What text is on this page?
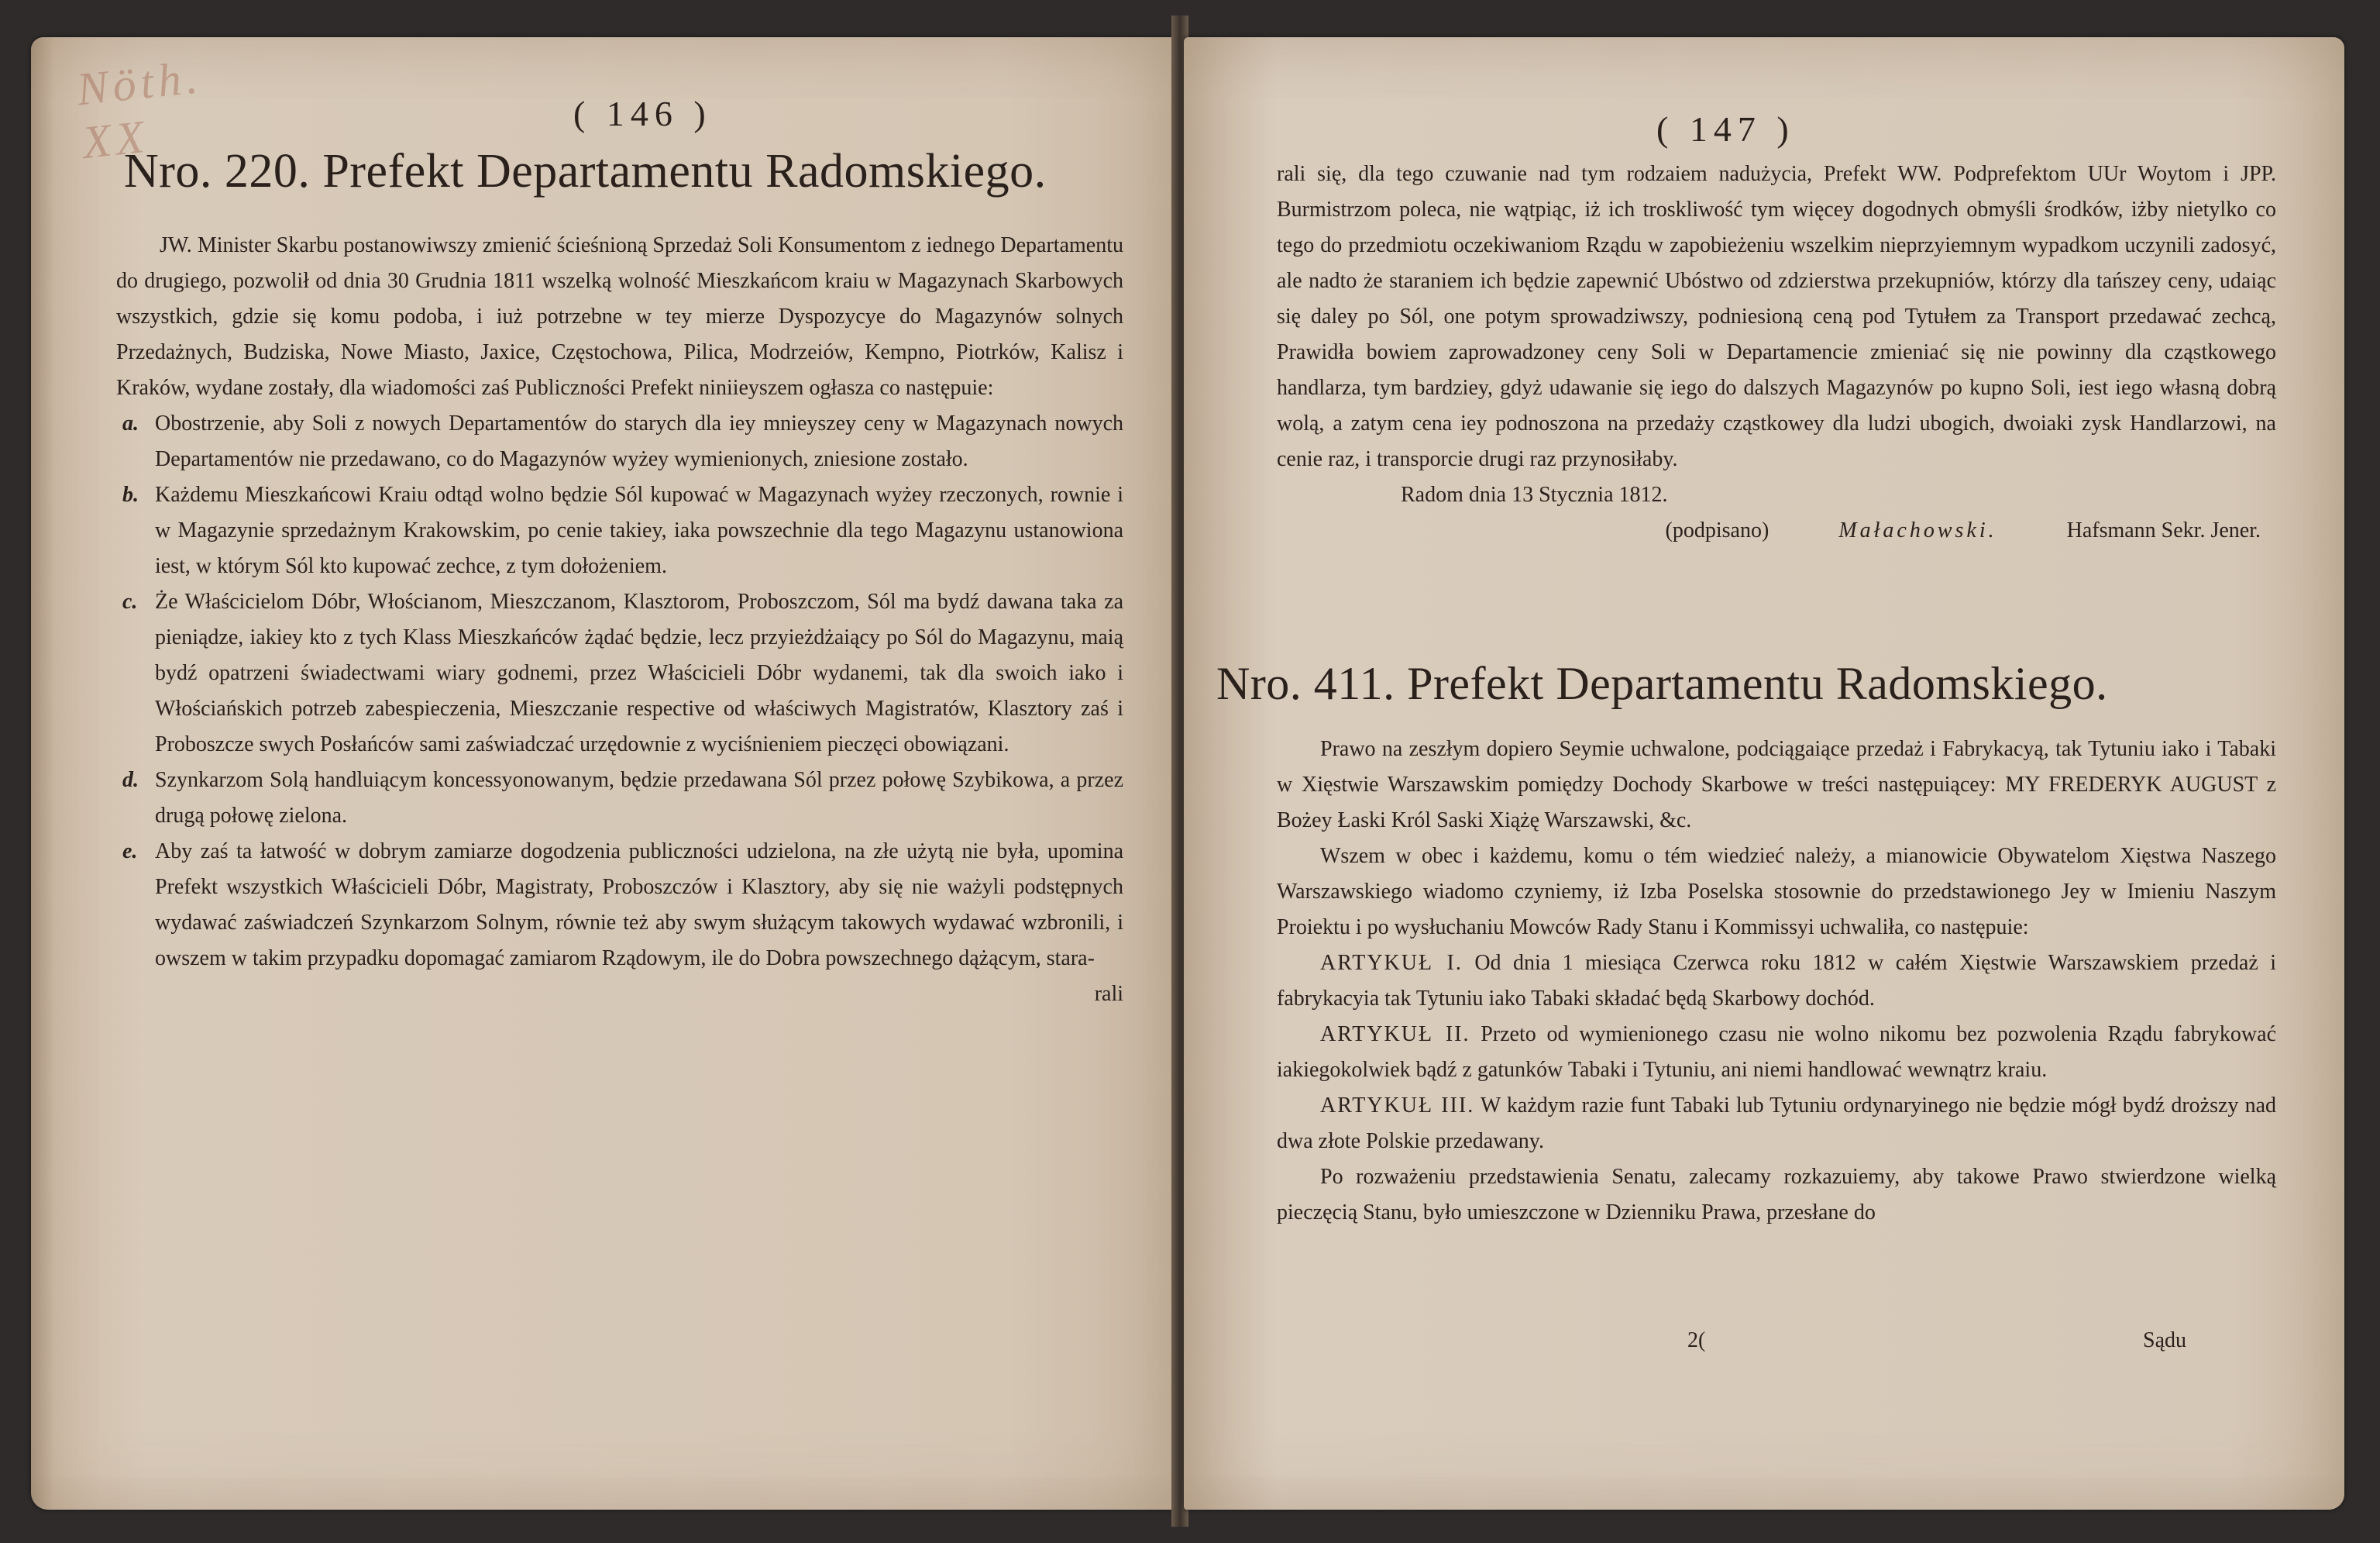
Nöth. XX	( 146 )
Nro. 220. Prefekt Departamentu Radomskiego.

JW. Minister Skarbu postanowiwszy zmienić ścieśnioną Sprzedaż Soli Konsumentom z iednego Departamentu do drugiego, pozwolił od dnia 30 Grudnia 1811 wszelką wolność Mieszkańcom kraiu w Magazynach Skarbowych wszystkich, gdzie się komu podoba, i iuż potrzebne w tey mierze Dyspozycye do Magazynów solnych Przedażnych, Budziska, Nowe Miasto, Jaxice, Częstochowa, Pilica, Modrzeiów, Kempno, Piotrków, Kalisz i Kraków, wydane zostały, dla wiadomości zaś Publiczności Prefekt niniieyszem ogłasza co następuie:

a. Obostrzenie, aby Soli z nowych Departamentów do starych dla iey mnieyszey ceny w Magazynach nowych Departamentów nie przedawano, co do Magazynów wyżey wymienionych, zniesione zostało.
b. Każdemu Mieszkańcowi Kraiu odtąd wolno będzie Sól kupować w Magazynach wyżey rzeczonych, rownie i w Magazynie sprzedażnym Krakowskim, po cenie takiey, iaka powszechnie dla tego Magazynu ustanowiona iest, w którym Sól kto kupować zechce, z tym dołożeniem.
c. Że Właścicielom Dóbr, Włościanom, Mieszczanom, Klasztorom, Proboszczom, Sól ma bydź dawana taka za pieniądze, iakiey kto z tych Klass Mieszkańców żądać będzie, lecz przyieżdżaiący po Sól do Magazynu, maią bydź opatrzeni świadectwami wiary godnemi, przez Właścicieli Dóbr wydanemi, tak dla swoich iako i Włościańskich potrzeb zabespieczenia, Mieszczanie respective od właściwych Magistratów, Klasztory zaś i Proboszcze swych Posłańców sami zaświadczać urzędownie z wyciśnieniem pieczęci obowiązani.
d. Szynkarzom Solą handluiącym koncessyonowanym, będzie przedawana Sól przez połowę Szybikowa, a przez drugą połowę zielona.
e. Aby zaś ta łatwość w dobrym zamiarze dogodzenia publiczności udzielona, na złe użytą nie była, upomina Prefekt wszystkich Właścicieli Dóbr, Magistraty, Proboszczów i Klasztory, aby się nie ważyli podstępnych wydawać zaświadczeń Szynkarzom Solnym, równie też aby swym służącym takowych wydawać wzbronili, i owszem w takim przypadku dopomagać zamiarom Rządowym, ile do Dobra powszechnego dążącym, stara-

rali

( 147 )

rali się, dla tego czuwanie nad tym rodzaiem nadużycia, Prefekt WW. Podprefektom UUr Woytom i JPP. Burmistrzom poleca, nie wątpiąc, iż ich troskliwość tym więcey dogodnych obmyśli środków, iżby nietylko co tego do przedmiotu oczekiwaniom Rządu w zapobieżeniu wszelkim nieprzyiemnym wypadkom uczynili zadosyć, ale nadto że staraniem ich będzie zapewnić Ubóstwo od zdzierstwa przekupniów, którzy dla tańszey ceny, udaiąc się daley po Sól, one potym sprowadziwszy, podniesioną ceną pod Tytułem za Transport przedawać zechcą, Prawidła bowiem zaprowadzoney ceny Soli w Departamencie zmieniać się nie powinny dla cząstkowego handlarza, tym bardziey, gdyż udawanie się iego do dalszych Magazynów po kupno Soli, iest iego własną dobrą wolą, a zatym cena iey podnoszona na przedaży cząstkowey dla ludzi ubogich, dwoiaki zysk Handlarzowi, na cenie raz, i transporcie drugi raz przynosiłaby.

Radom dnia 13 Stycznia 1812.

(podpisano)	Małachowski.	Hafsmann Sekr. Jener.
Nro. 411. Prefekt Departamentu Radomskiego.

Prawo na zeszłym dopiero Seymie uchwalone, podciągaiące przedaż i Fabrykacyą, tak Tytuniu iako i Tabaki w Xięstwie Warszawskim pomiędzy Dochody Skarbowe w treści następuiącey: MY FREDERYK AUGUST z Bożey Łaski Król Saski Xiążę Warszawski, &c.

Wszem w obec i każdemu, komu o tém wiedzieć należy, a mianowicie Obywatelom Xięstwa Naszego Warszawskiego wiadomo czyniemy, iż Izba Poselska stosownie do przedstawionego Jey w Imieniu Naszym Proiektu i po wysłuchaniu Mowców Rady Stanu i Kommissyi uchwaliła, co następuie:

ARTYKUŁ I. Od dnia 1 miesiąca Czerwca roku 1812 w całém Xięstwie Warszawskiem przedaż i fabrykacyia tak Tytuniu iako Tabaki składać będą Skarbowy dochód.

ARTYKUŁ II. Przeto od wymienionego czasu nie wolno nikomu bez pozwolenia Rządu fabrykować iakiegokolwiek bądź z gatunków Tabaki i Tytuniu, ani niemi handlować wewnątrz kraiu.

ARTYKUŁ III. W każdym razie funt Tabaki lub Tytuniu ordynaryinego nie będzie mógł bydź droższy nad dwa złote Polskie przedawany.

Po rozważeniu przedstawienia Senatu, zalecamy rozkazuiemy, aby takowe Prawo stwierdzone wielką pieczęcią Stanu, było umieszczone w Dzienniku Prawa, przesłane do

2(	Sądu
